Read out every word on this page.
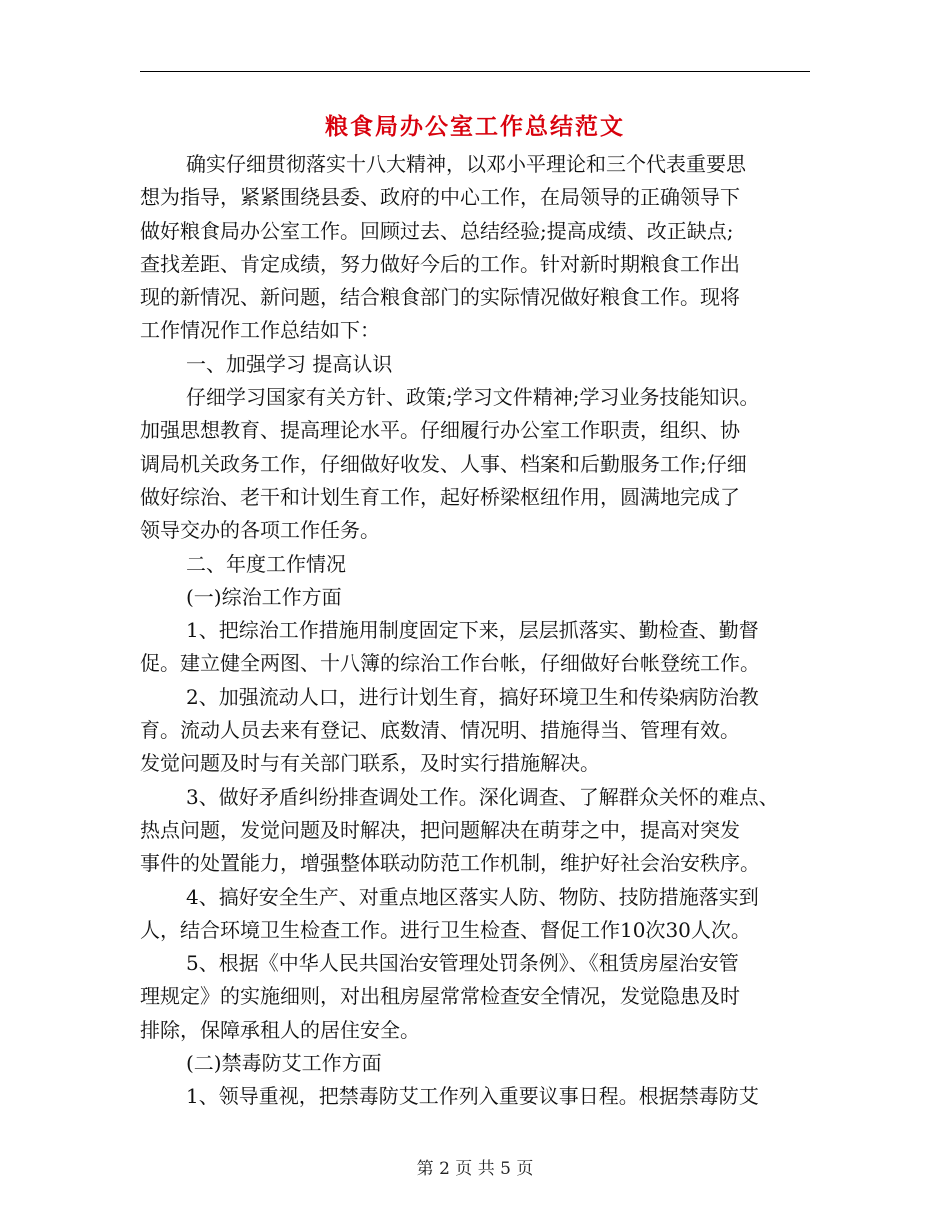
粮食局办公室工作总结范文
确实仔细贯彻落实十八大精神，以邓小平理论和三个代表重要思
想为指导，紧紧围绕县委、政府的中心工作，在局领导的正确领导下
做好粮食局办公室工作。回顾过去、总结经验;提高成绩、改正缺点;
查找差距、肯定成绩，努力做好今后的工作。针对新时期粮食工作出
现的新情况、新问题，结合粮食部门的实际情况做好粮食工作。现将
工作情况作工作总结如下：
一、加强学习 提高认识
仔细学习国家有关方针、政策;学习文件精神;学习业务技能知识。
加强思想教育、提高理论水平。仔细履行办公室工作职责，组织、协
调局机关政务工作，仔细做好收发、人事、档案和后勤服务工作;仔细
做好综治、老干和计划生育工作，起好桥梁枢纽作用，圆满地完成了
领导交办的各项工作任务。
二、年度工作情况
(一)综治工作方面
1、把综治工作措施用制度固定下来，层层抓落实、勤检查、勤督
促。建立健全两图、十八簿的综治工作台帐，仔细做好台帐登统工作。
2、加强流动人口，进行计划生育，搞好环境卫生和传染病防治教
育。流动人员去来有登记、底数清、情况明、措施得当、管理有效。
发觉问题及时与有关部门联系，及时实行措施解决。
3、做好矛盾纠纷排查调处工作。深化调查、了解群众关怀的难点、
热点问题，发觉问题及时解决，把问题解决在萌芽之中，提高对突发
事件的处置能力，增强整体联动防范工作机制，维护好社会治安秩序。
4、搞好安全生产、对重点地区落实人防、物防、技防措施落实到
人，结合环境卫生检查工作。进行卫生检查、督促工作10次30人次。
5、根据《中华人民共国治安管理处罚条例》、《租赁房屋治安管
理规定》的实施细则，对出租房屋常常检查安全情况，发觉隐患及时
排除，保障承租人的居住安全。
(二)禁毒防艾工作方面
1、领导重视，把禁毒防艾工作列入重要议事日程。根据禁毒防艾
第 2 页 共 5 页
